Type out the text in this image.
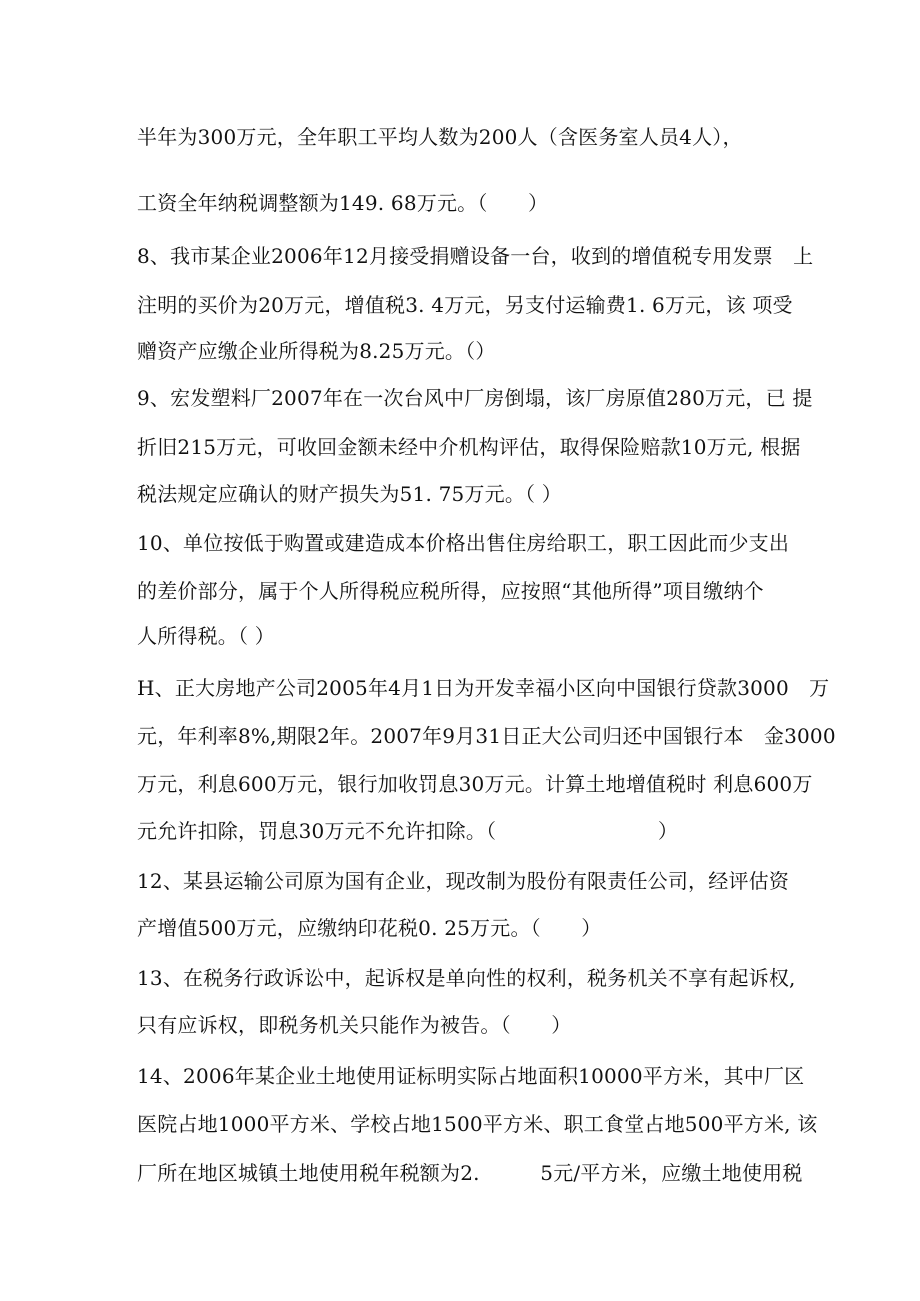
半年为300万元，全年职工平均人数为200人（含医务室人员4人），
工资全年纳税调整额为149. 68万元。（　　）
8、我市某企业2006年12月接受捐赠设备一台，收到的增值税专用发票　上
注明的买价为20万元，增值税3. 4万元，另支付运输费1. 6万元，该 项受
赠资产应缴企业所得税为8.25万元。（）
9、宏发塑料厂2007年在一次台风中厂房倒塌，该厂房原值280万元，已 提
折旧215万元，可收回金额未经中介机构评估，取得保险赔款10万元, 根据
税法规定应确认的财产损失为51. 75万元。（ ）
10、单位按低于购置或建造成本价格出售住房给职工，职工因此而少支出
的差价部分，属于个人所得税应税所得，应按照“其他所得”项目缴纳个
人所得税。（ ）
H、正大房地产公司2005年4月1日为开发幸福小区向中国银行贷款3000　万
元，年利率8%,期限2年。2007年9月31日正大公司归还中国银行本　金3000
万元，利息600万元，银行加收罚息30万元。计算土地增值税时 利息600万
元允许扣除，罚息30万元不允许扣除。（　　　　　　　　）
12、某县运输公司原为国有企业，现改制为股份有限责任公司，经评估资
产增值500万元，应缴纳印花税0. 25万元。（　　）
13、在税务行政诉讼中，起诉权是单向性的权利，税务机关不享有起诉权,
只有应诉权，即税务机关只能作为被告。（　　）
14、2006年某企业土地使用证标明实际占地面积10000平方米，其中厂区
医院占地1000平方米、学校占地1500平方米、职工食堂占地500平方米, 该
厂所在地区城镇土地使用税年税额为2.　　　5元/平方米，应缴土地使用税
